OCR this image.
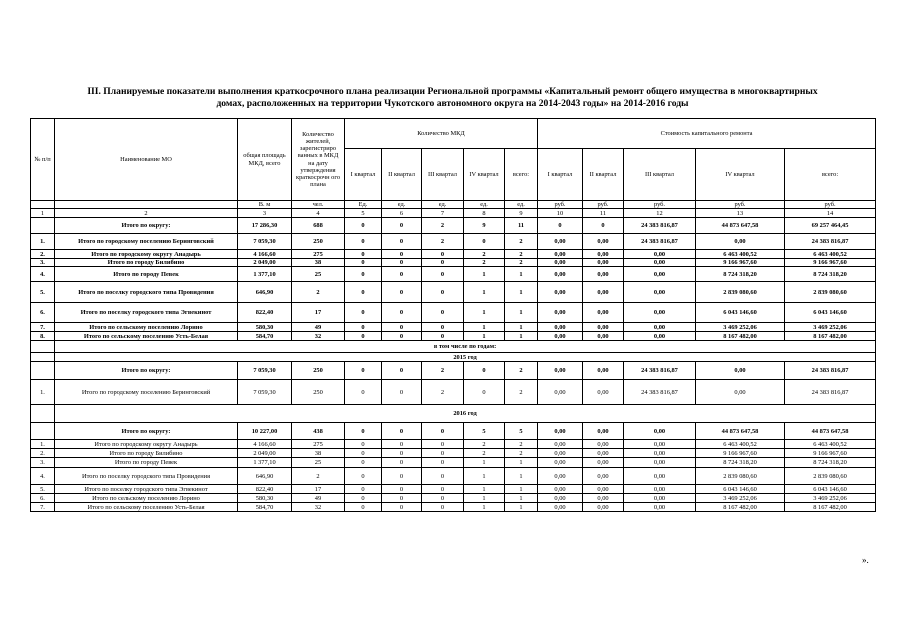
III. Планируемые показатели выполнения краткосрочного плана реализации Региональной программы «Капитальный ремонт общего имущества в многоквартирных
домах, расположенных на территории Чукотского автономного округа на 2014-2043 годы» на 2014-2016 годы
№ п/п	Наименование МО	общая площадь МКД, всего	Количество жителей, зарегистриро ванных в МКД на дату утверждения краткосрочн ого плана	Количество МКД					Стоимость капитального ремонта				
				I квартал	II квартал	III квартал	IV квартал	всего:	I квартал	II квартал	III квартал	IV квартал	всего:
		В. м	чел.	Ед.	ед.	ед.	ед.	ед.	руб.	руб.	руб.	руб.	руб.
1	2	3	4	5	6	7	8	9	10	11	12	13	14
	Итого по округу:	17 286,30	688	0	0	2	9	11	0	0	24 383 816,87	44 873 647,58	69 257 464,45
1.	Итого по городскому поселению Беринговский	7 059,30	250	0	0	2	0	2	0,00	0,00	24 383 816,87	0,00	24 383 816,87
2.	Итого по городскому округу Анадырь	4 166,60	275	0	0	0	2	2	0,00	0,00	0,00	6 463 400,52	6 463 400,52
3.	Итого по городу Билибино	2 049,00	38	0	0	0	2	2	0,00	0,00	0,00	9 166 967,60	9 166 967,60
4.	Итого по городу Певек	1 377,10	25	0	0	0	1	1	0,00	0,00	0,00	8 724 318,20	8 724 318,20
5.	Итого по поселку городского типа Провидения	646,90	2	0	0	0	1	1	0,00	0,00	0,00	2 839 080,60	2 839 080,60
6.	Итого по поселку городского типа Эгвекинот	822,40	17	0	0	0	1	1	0,00	0,00	0,00	6 043 146,60	6 043 146,60
7.	Итого по сельскому поселению Лорино	580,30	49	0	0	0	1	1	0,00	0,00	0,00	3 469 252,06	3 469 252,06
8.	Итого по сельскому поселению Усть-Белая	584,70	32	0	0	0	1	1	0,00	0,00	0,00	8 167 482,00	8 167 482,00
	в том числе по годам:												
	2015 год												
	Итого по округу:	7 059,30	250	0	0	2	0	2	0,00	0,00	24 383 816,87	0,00	24 383 816,87
1.	Итого по городскому поселению Беринговский	7 059,30	250	0	0	2	0	2	0,00	0,00	24 383 816,87	0,00	24 383 816,87
	2016 год												
	Итого по округу:	10 227,00	438	0	0	0	5	5	0,00	0,00	0,00	44 873 647,58	44 873 647,58
1.	Итого по городскому округу Анадырь	4 166,60	275	0	0	0	2	2	0,00	0,00	0,00	6 463 400,52	6 463 400,52
2.	Итого по городу Билибино	2 049,00	38	0	0	0	2	2	0,00	0,00	0,00	9 166 967,60	9 166 967,60
3.	Итого по городу Певек	1 377,10	25	0	0	0	1	1	0,00	0,00	0,00	8 724 318,20	8 724 318,20
4.	Итого по поселку городского типа Провидения	646,90	2	0	0	0	1	1	0,00	0,00	0,00	2 839 080,60	2 839 080,60
5.	Итого по поселку городского типа Эгвекинот	822,40	17	0	0	0	1	1	0,00	0,00	0,00	6 043 146,60	6 043 146,60
6.	Итого по сельскому поселению Лорино	580,30	49	0	0	0	1	1	0,00	0,00	0,00	3 469 252,06	3 469 252,06
7.	Итого по сельскому поселению Усть-Белая	584,70	32	0	0	0	1	1	0,00	0,00	0,00	8 167 482,00	8 167 482,00
».
